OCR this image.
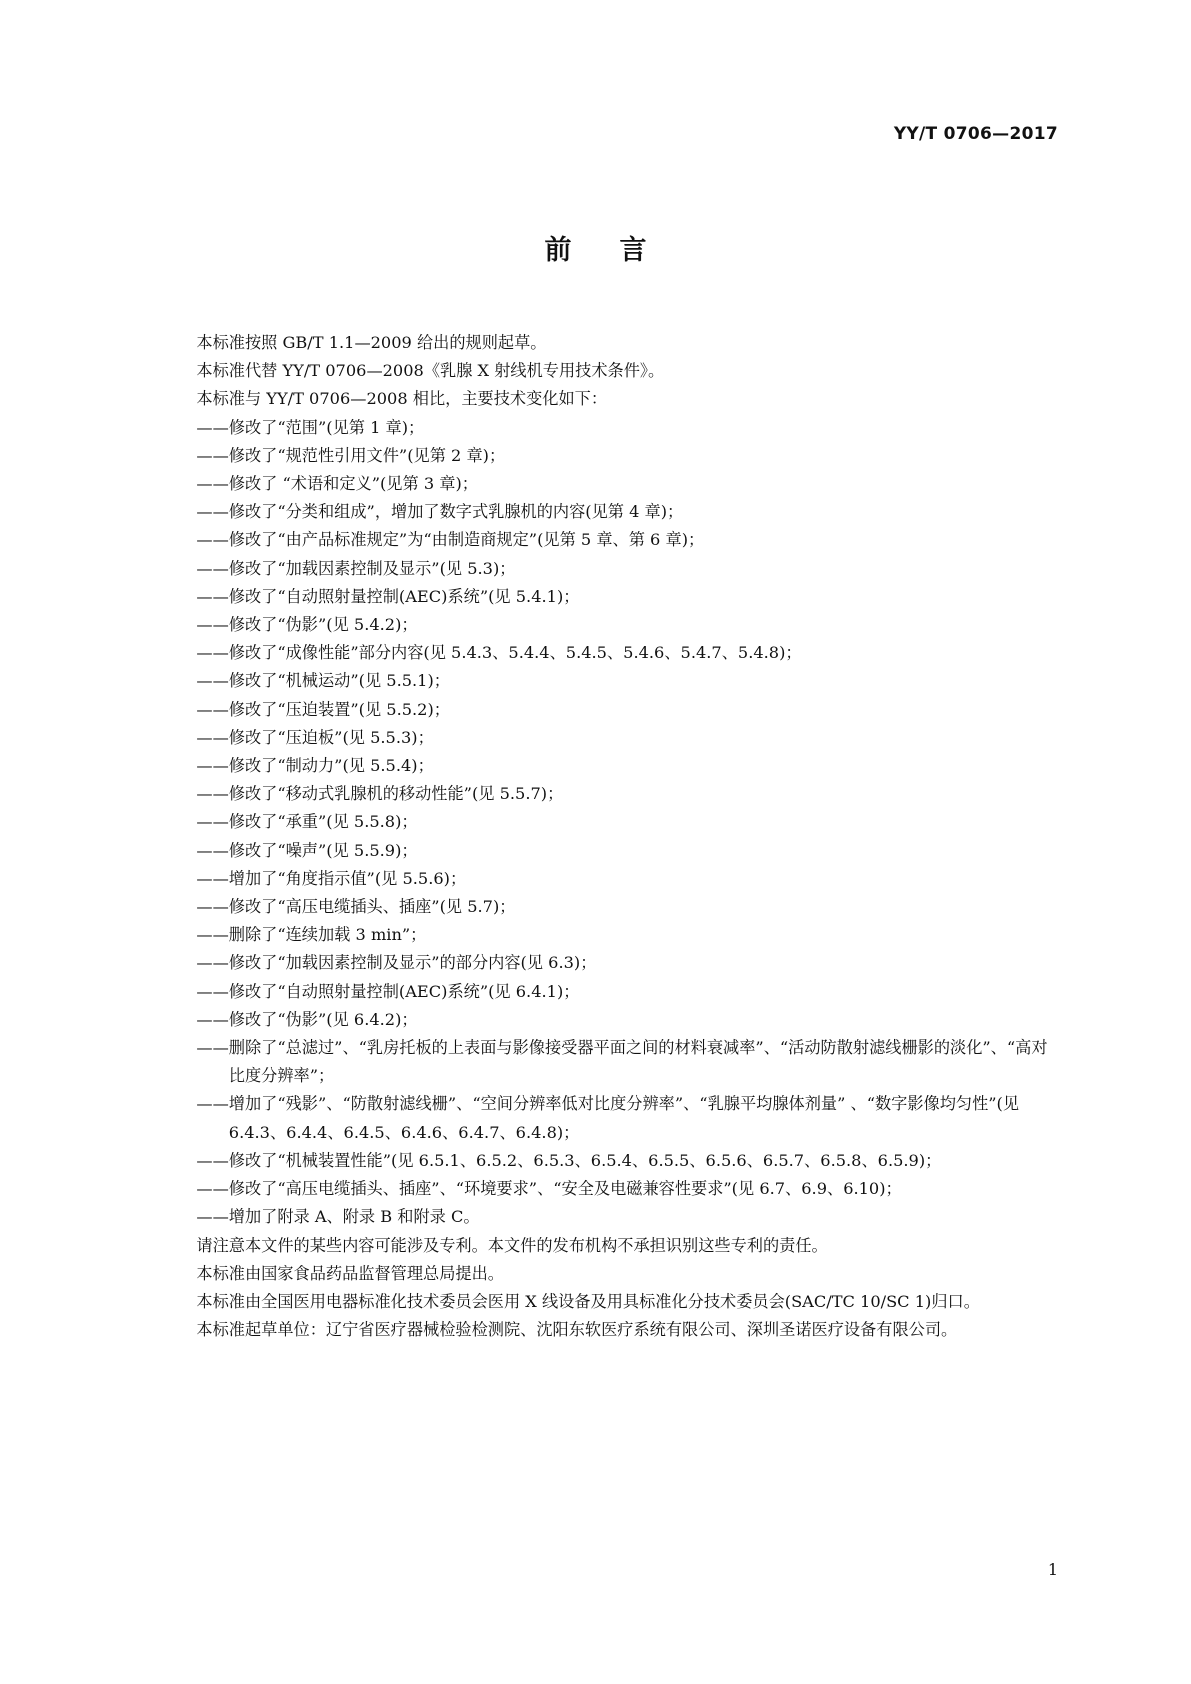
YY/T 0706—2017
前言

本标准按照 GB/T 1.1—2009 给出的规则起草。

本标准代替 YY/T 0706—2008《乳腺 X 射线机专用技术条件》。

本标准与 YY/T 0706—2008 相比，主要技术变化如下：

——修改了“范围”(见第 1 章)；

——修改了“规范性引用文件”(见第 2 章)；

——修改了 “术语和定义”(见第 3 章)；

——修改了“分类和组成”，增加了数字式乳腺机的内容(见第 4 章)；

——修改了“由产品标准规定”为“由制造商规定”(见第 5 章、第 6 章)；

——修改了“加载因素控制及显示”(见 5.3)；

——修改了“自动照射量控制(AEC)系统”(见 5.4.1)；

——修改了“伪影”(见 5.4.2)；

——修改了“成像性能”部分内容(见 5.4.3、5.4.4、5.4.5、5.4.6、5.4.7、5.4.8)；

——修改了“机械运动”(见 5.5.1)；

——修改了“压迫装置”(见 5.5.2)；

——修改了“压迫板”(见 5.5.3)；

——修改了“制动力”(见 5.5.4)；

——修改了“移动式乳腺机的移动性能”(见 5.5.7)；

——修改了“承重”(见 5.5.8)；

——修改了“噪声”(见 5.5.9)；

——增加了“角度指示值”(见 5.5.6)；

——修改了“高压电缆插头、插座”(见 5.7)；

——删除了“连续加载 3 min”；

——修改了“加载因素控制及显示”的部分内容(见 6.3)；

——修改了“自动照射量控制(AEC)系统”(见 6.4.1)；

——修改了“伪影”(见 6.4.2)；

——删除了“总滤过”、“乳房托板的上表面与影像接受器平面之间的材料衰减率”、“活动防散射滤线栅影的淡化”、“高对比度分辨率”；

——增加了“残影”、“防散射滤线栅”、“空间分辨率低对比度分辨率”、“乳腺平均腺体剂量” 、“数字影像均匀性”(见 6.4.3、6.4.4、6.4.5、6.4.6、6.4.7、6.4.8)；

——修改了“机械装置性能”(见 6.5.1、6.5.2、6.5.3、6.5.4、6.5.5、6.5.6、6.5.7、6.5.8、6.5.9)；

——修改了“高压电缆插头、插座”、“环境要求”、“安全及电磁兼容性要求”(见 6.7、6.9、6.10)；

——增加了附录 A、附录 B 和附录 C。

请注意本文件的某些内容可能涉及专利。本文件的发布机构不承担识别这些专利的责任。

本标准由国家食品药品监督管理总局提出。

本标准由全国医用电器标准化技术委员会医用 X 线设备及用具标准化分技术委员会(SAC/TC 10/SC 1)归口。

本标准起草单位：辽宁省医疗器械检验检测院、沈阳东软医疗系统有限公司、深圳圣诺医疗设备有限公司。

1
